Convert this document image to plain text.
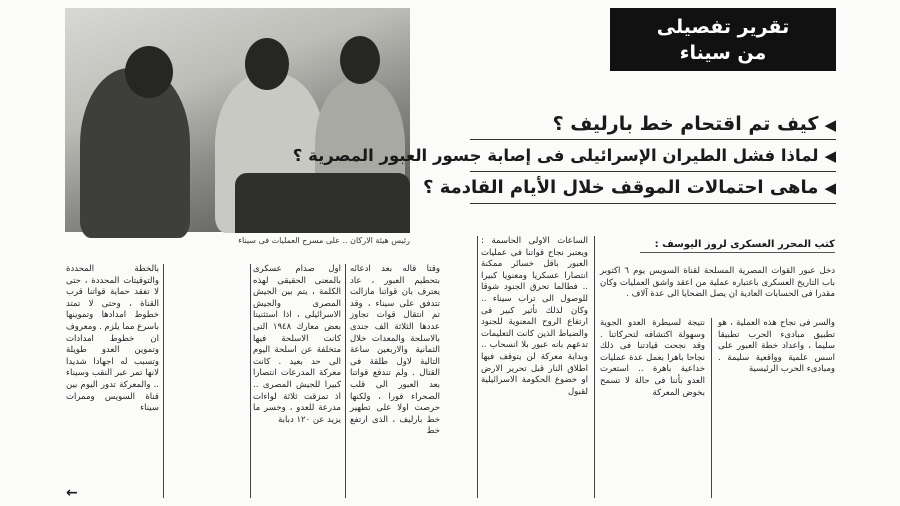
رئيس هيئة الاركان .. على مسرح العمليات فى سيناء
تقرير تفصيلى
من سيناء
◀كيف تم اقتحام خط بارليف ؟
◀لماذا فشل الطيران الإسرائيلى فى إصابة جسور العبور المصرية ؟
◀ماهى احتمالات الموقف خلال الأيام القادمة ؟
كتب المحرر العسكرى لروز اليوسف :
دخل عبور القوات المصرية المسلحة لقناة السويس يوم ٦ اكتوبر باب التاريخ العسكرى باعتباره عملية من اعقد واشق العمليات وكان مقدرا فى الحسابات العادية ان يصل الضحايا الى عدة آلاف .
والسر فى نجاح هذه العملية ، هو تطبيق مبادىء الحرب تطبيقا سليما ، واعداد خطة العبور على اسس علمية وواقعية سليمة . ومبادىء الحرب الرئيسية
نتيجة لسيطرة العدو الجوية وسهولة اكتشافه لتحركاتنا . وقد نجحت قيادتنا فى ذلك نجاحا باهرا بعمل عدة عمليات خداعية باهرة .. استعرت العدو بأننا فى حالة لا تسمح بخوض المعركة
الساعات الاولى الحاسمة : ويعتبر نجاح قواتنا فى عمليات العبور باقل خسائر ممكنة انتصارا عسكريا ومعنويا كبيرا .. فطالما تحرق الجنود شوقا للوصول الى تراب سيناء .. وكان لذلك تأثير كبير فى ارتفاع الروح المعنوية للجنود والضباط الذين كانت التعليمات تدعهم بانه عبور بلا انسحاب .. وبداية معركة لن يتوقف فيها اطلاق النار قبل تحرير الارض او خضوع الحكومة الاسرائيلية لقبول
وقتا قاله بعد ادعائه بتحطيم العبور ، عاد يعترف بان قواتنا مازالت تتدفق على سيناء ، وقد تم انتقال قوات تجاوز عددها الثلاثة الف جندى بالاسلحة والمعدات خلال الثمانية والاربعين ساعة التالية لاول طلقة فى القتال . ولم تندفع قواتنا بعد العبور الى قلب الصحراء فورا ، ولكنها حرصت اولا على تطهير خط بارليف ، الذى ارتفع خط
اول صدام عسكرى بالمعنى الحقيقى لهذه الكلمة ، يتم بين الجيش المصرى والجيش الاسرائيلى ، اذا استثنينا بعض معارك ١٩٤٨ التى كانت الاسلحة فيها متخلفة عن اسلحة اليوم الى حد بعيد . كانت معركة المدرعات انتصارا كبيرا للجيش المصرى .. اذ تمزقت ثلاثة لواءات مدرعة للعدو ، وخسر ما يزيد عن ١٢٠ دبابة
بالخطة المحددة والتوقيتات المحددة ، حتى لا تفقد حماية قواتنا قرب القناة ، وحتى لا تمتد خطوط امدادها وتموينها باسرع مما يلزم . ومعروف ان خطوط امدادات وتموين العدو طويلة وتسبب له اجهادا شديدا لانها تمر عبر النقب وسيناء .. والمعركة تدور اليوم بين قناة السويس وممرات سيناء
←
